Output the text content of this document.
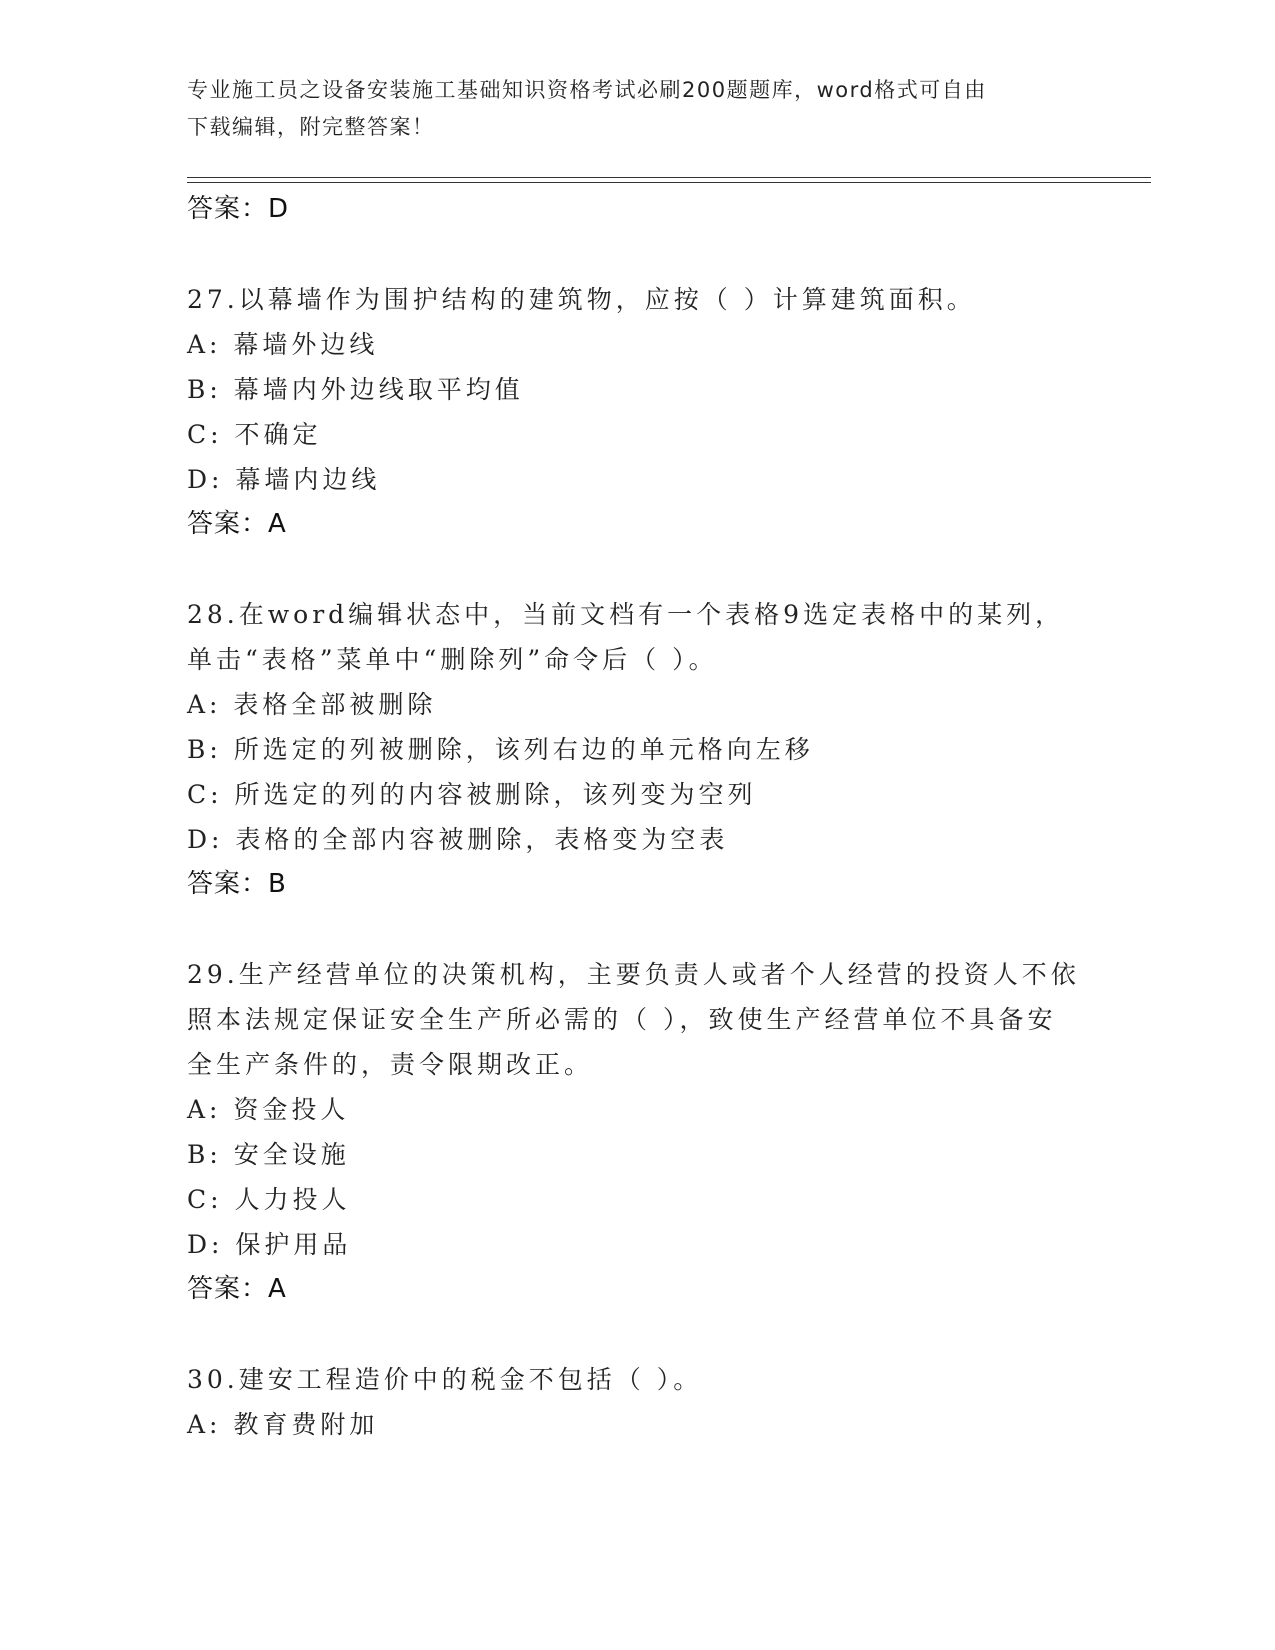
专业施工员之设备安装施工基础知识资格考试必刷200题题库，word格式可自由
下载编辑，附完整答案！
答案：D
27.以幕墙作为围护结构的建筑物，应按（ ）计算建筑面积。
A: 幕墙外边线
B: 幕墙内外边线取平均值
C: 不确定
D: 幕墙内边线
答案：A
28.在word编辑状态中，当前文档有一个表格9选定表格中的某列，
单击“表格”菜单中“删除列”命令后（ ）。
A: 表格全部被删除
B: 所选定的列被删除，该列右边的单元格向左移
C: 所选定的列的内容被删除，该列变为空列
D: 表格的全部内容被删除，表格变为空表
答案：B
29.生产经营单位的决策机构，主要负责人或者个人经营的投资人不依
照本法规定保证安全生产所必需的（ ），致使生产经营单位不具备安
全生产条件的，责令限期改正。
A: 资金投人
B: 安全设施
C: 人力投人
D: 保护用品
答案：A
30.建安工程造价中的税金不包括（ ）。
A: 教育费附加
